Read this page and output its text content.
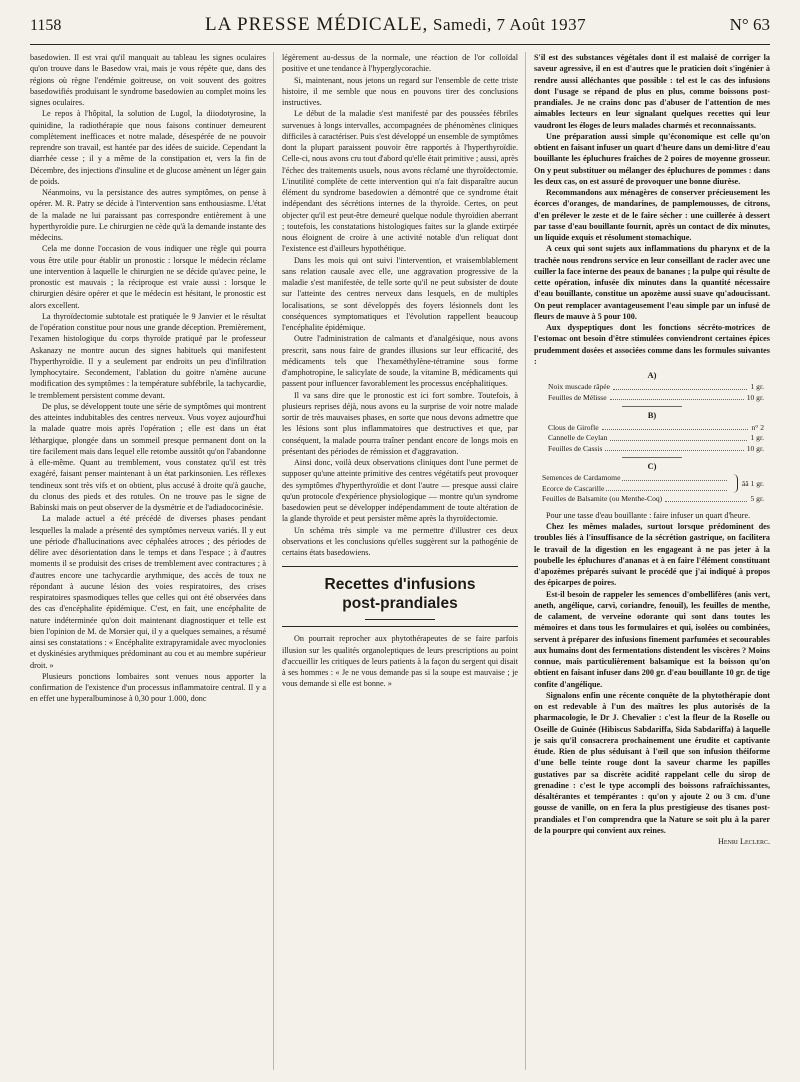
1158	LA PRESSE MÉDICALE, Samedi, 7 Août 1937	N° 63

basedowien. Il est vrai qu'il manquait au tableau les signes oculaires qu'on trouve dans le Basedow vrai, mais je vous répète que, dans des régions où règne l'endémie goitreuse, on voit souvent des goitres basedowifiés produisant le syndrome basedowien au complet moins les signes oculaires.

Le repos à l'hôpital, la solution de Lugol, la diiodotyrosine, la quinidine, la radiothérapie que nous faisons continuer demeurent complètement inefficaces et notre malade, désespérée de ne pouvoir reprendre son travail, est hantée par des idées de suicide. Cependant la diarrhée cesse ; il y a même de la constipation et, vers la fin de Décembre, des injections d'insuline et de glucose amènent un léger gain de poids.

Néanmoins, vu la persistance des autres symptômes, on pense à opérer. M. R. Patry se décide à l'intervention sans enthousiasme. L'état de la malade ne lui paraissant pas correspondre entièrement à une hyperthyroïdie pure. Le chirurgien ne cède qu'à la demande instante des médecins.

Cela me donne l'occasion de vous indiquer une règle qui pourra vous être utile pour établir un pronostic : lorsque le médecin réclame une intervention à laquelle le chirurgien ne se décide qu'avec peine, le pronostic est mauvais ; la réciproque est vraie aussi : lorsque le chirurgien désire opérer et que le médecin est hésitant, le pronostic est alors excellent.

La thyroïdectomie subtotale est pratiquée le 9 Janvier et le résultat de l'opération constitue pour nous une grande déception. Premièrement, l'examen histologique du corps thyroïde pratiqué par le professeur Askanazy ne montre aucun des signes habituels qui manifestent l'hyperthyroïdie. Il y a seulement par endroits un peu d'infiltration lymphocytaire. Secondement, l'ablation du goitre n'amène aucune modification des symptômes : la température subfébrile, la tachycardie, le tremblement persistent comme devant.

De plus, se développent toute une série de symptômes qui montrent des atteintes indubitables des centres nerveux. Vous voyez aujourd'hui la malade quatre mois après l'opération ; elle est dans un état léthargique, plongée dans un sommeil presque permanent dont on la tire facilement mais dans lequel elle retombe aussitôt qu'on l'abandonne à elle-même. Quant au tremblement, vous constatez qu'il est très exagéré, faisant penser maintenant à un état parkinsonien. Les réflexes tendineux sont très vifs et on obtient, plus accusé à droite qu'à gauche, du clonus des pieds et des rotules. On ne trouve pas le signe de Babinski mais on peut observer de la dysmétrie et de l'adiadococinésie.

La malade actuel a été précédé de diverses phases pendant lesquelles la malade a présenté des symptômes nerveux variés. Il y eut une période d'hallucinations avec céphalées atroces ; des périodes de délire avec désorientation dans le temps et dans l'espace ; à d'autres moments il se produisit des crises de tremblement avec contractures ; à d'autres encore une tachycardie arythmique, des accès de toux ne répondant à aucune lésion des voies respiratoires, des crises respiratoires spasmodiques telles que celles qui ont été observées dans des cas d'encéphalite épidémique. C'est, en fait, une encéphalite de nature indéterminée qu'on doit maintenant diagnostiquer et telle est bien l'opinion de M. de Morsier qui, il y a quelques semaines, a résumé ainsi ses constatations : « Encéphalite extrapyramidale avec myoclonies et dyskinésies arythmiques prédominant au cou et au membre supérieur droit. »

Plusieurs ponctions lombaires sont venues nous apporter la confirmation de l'existence d'un processus inflammatoire central. Il y a en effet une hyperalbuminose à 0,30 pour 1.000, donc

légèrement au-dessus de la normale, une réaction de l'or colloïdal positive et une tendance à l'hyperglycorachie.

Si, maintenant, nous jetons un regard sur l'ensemble de cette triste histoire, il me semble que nous en pouvons tirer des conclusions instructives.

Le début de la maladie s'est manifesté par des poussées fébriles survenues à longs intervalles, accompagnées de phénomènes cliniques difficiles à caractériser. Puis s'est développé un ensemble de symptômes dont la plupart paraissent pouvoir être rapportés à l'hyperthyroïdie. Celle-ci, nous avons cru tout d'abord qu'elle était primitive ; aussi, après l'échec des traitements usuels, nous avons réclamé une thyroïdectomie. L'inutilité complète de cette intervention qui n'a fait disparaître aucun élément du syndrome basedowien a démontré que ce syndrome était indépendant des sécrétions internes de la thyroïde. Certes, on peut objecter qu'il est peut-être demeuré quelque nodule thyroïdien aberrant ; toutefois, les constatations histologiques faites sur la glande extirpée nous éloignent de croire à une activité notable d'un reliquat dont l'existence est d'ailleurs hypothétique.

Dans les mois qui ont suivi l'intervention, et vraisemblablement sans relation causale avec elle, une aggravation progressive de la maladie s'est manifestée, de telle sorte qu'il ne peut subsister de doute sur l'atteinte des centres nerveux dans lesquels, en de multiples localisations, se sont développés des foyers lésionnels dont les conséquences symptomatiques et l'évolution rappellent beaucoup l'encéphalite épidémique.

Outre l'administration de calmants et d'analgésique, nous avons prescrit, sans nous faire de grandes illusions sur leur efficacité, des médicaments tels que l'hexaméthylène-tétramine sous forme d'amphotropine, le salicylate de soude, la vitamine B, médicaments qui passent pour influencer favorablement les processus encéphalitiques.

Il va sans dire que le pronostic est ici fort sombre. Toutefois, à plusieurs reprises déjà, nous avons eu la surprise de voir notre malade sortir de très mauvaises phases, en sorte que nous devons admettre que les lésions sont plus inflammatoires que destructives et que, par conséquent, la malade pourra traîner pendant encore de longs mois en présentant des périodes de rémission et d'aggravation.

Ainsi donc, voilà deux observations cliniques dont l'une permet de supposer qu'une atteinte primitive des centres végétatifs peut provoquer des symptômes d'hyperthyroïdie et dont l'autre — presque aussi claire qu'un protocole d'expérience physiologique — montre qu'un syndrome basedowien peut se développer indépendamment de toute altération de la glande thyroïde et peut persister même après la thyroïdectomie.

Un schéma très simple va me permettre d'illustrer ces deux observations et les conclusions qu'elles suggèrent sur la pathogénie de certains états basedowiens.

Recettes d'infusions
post-prandiales

On pourrait reprocher aux phytothérapeutes de se faire parfois illusion sur les qualités organoleptiques de leurs prescriptions au point d'accueillir les critiques de leurs patients à la façon du sergent qui disait à ses hommes : « Je ne vous demande pas si la soupe est mauvaise ; je vous demande si elle est bonne. »

S'il est des substances végétales dont il est malaisé de corriger la saveur agressive, il en est d'autres que le praticien doit s'ingénier à rendre aussi alléchantes que possible : tel est le cas des infusions dont l'usage se répand de plus en plus, comme boissons post-prandiales. Je ne crains donc pas d'abuser de l'attention de mes aimables lecteurs en leur signalant quelques recettes qui leur vaudront les éloges de leurs malades charmés et reconnaissants.

Une préparation aussi simple qu'économique est celle qu'on obtient en faisant infuser un quart d'heure dans un demi-litre d'eau bouillante les épluchures fraîches de 2 poires de moyenne grosseur. On y peut substituer ou mélanger des épluchures de pommes : dans les deux cas, on est assuré de provoquer une bonne diurèse.

Recommandons aux ménagères de conserver précieusement les écorces d'oranges, de mandarines, de pamplemousses, de citrons, d'en prélever le zeste et de le faire sécher : une cuillerée à dessert par tasse d'eau bouillante fournit, après un contact de dix minutes, un liquide exquis et résolument stomachique.

A ceux qui sont sujets aux inflammations du pharynx et de la trachée nous rendrons service en leur conseillant de racler avec une cuiller la face interne des peaux de bananes ; la pulpe qui résulte de cette opération, infusée dix minutes dans la quantité nécessaire d'eau bouillante, constitue un apozème aussi suave qu'adoucissant. On peut remplacer avantageusement l'eau simple par un infusé de fleurs de mauve à 5 pour 100.

Aux dyspeptiques dont les fonctions sécréto-motrices de l'estomac ont besoin d'être stimulées conviendront certaines épices prudemment dosées et associées comme dans les formules suivantes :

A)
Noix muscade râpée	1 gr.
Feuilles de Mélisse	10 gr.
B)
Clous de Girofle	n° 2
Cannelle de Ceylan	1 gr.
Feuilles de Cassis	10 gr.
C)
Semences de Cardamome
Ecorce de Cascarille
ââ 1 gr.
Feuilles de Balsamite (ou Menthe-Coq)	5 gr.

Pour une tasse d'eau bouillante : faire infuser un quart d'heure.

Chez les mêmes malades, surtout lorsque prédominent des troubles liés à l'insuffisance de la sécrétion gastrique, on facilitera le travail de la digestion en les engageant à ne pas jeter à la poubelle les épluchures d'ananas et à en faire l'élément constituant d'apozèmes préparés suivant le procédé que j'ai indiqué à propos des épicarpes de poires.

Est-il besoin de rappeler les semences d'ombellifères (anis vert, aneth, angélique, carvi, coriandre, fenouil), les feuilles de menthe, de calament, de verveine odorante qui sont dans toutes les mémoires et dans tous les formulaires et qui, isolées ou combinées, servent à préparer des infusions finement parfumées et secourables aux humains dont des fermentations distendent les viscères ? Moins connue, mais particulièrement balsamique est la boisson qu'on obtient en faisant infuser dans 200 gr. d'eau bouillante 10 gr. de tige confite d'angélique.

Signalons enfin une récente conquête de la phytothérapie dont on est redevable à l'un des maîtres les plus autorisés de la pharmacologie, le Dr J. Chevalier : c'est la fleur de la Roselle ou Oseille de Guinée (Hibiscus Sabdariffa, Sida Sabdariffa) à laquelle je sais qu'il consacrera prochainement une érudite et captivante étude. Rien de plus séduisant à l'œil que son infusion théiforme d'une belle teinte rouge dont la saveur charme les papilles gustatives par sa discrète acidité rappelant celle du sirop de grenadine : c'est le type accompli des boissons rafraîchissantes, désaltérantes et tempérantes : qu'on y ajoute 2 ou 3 cm. d'une gousse de vanille, on en fera la plus prestigieuse des tisanes post-prandiales et l'on comprendra que la Nature se soit plu à la parer de la pourpre qui convient aux reines.

Henri Leclerc.
